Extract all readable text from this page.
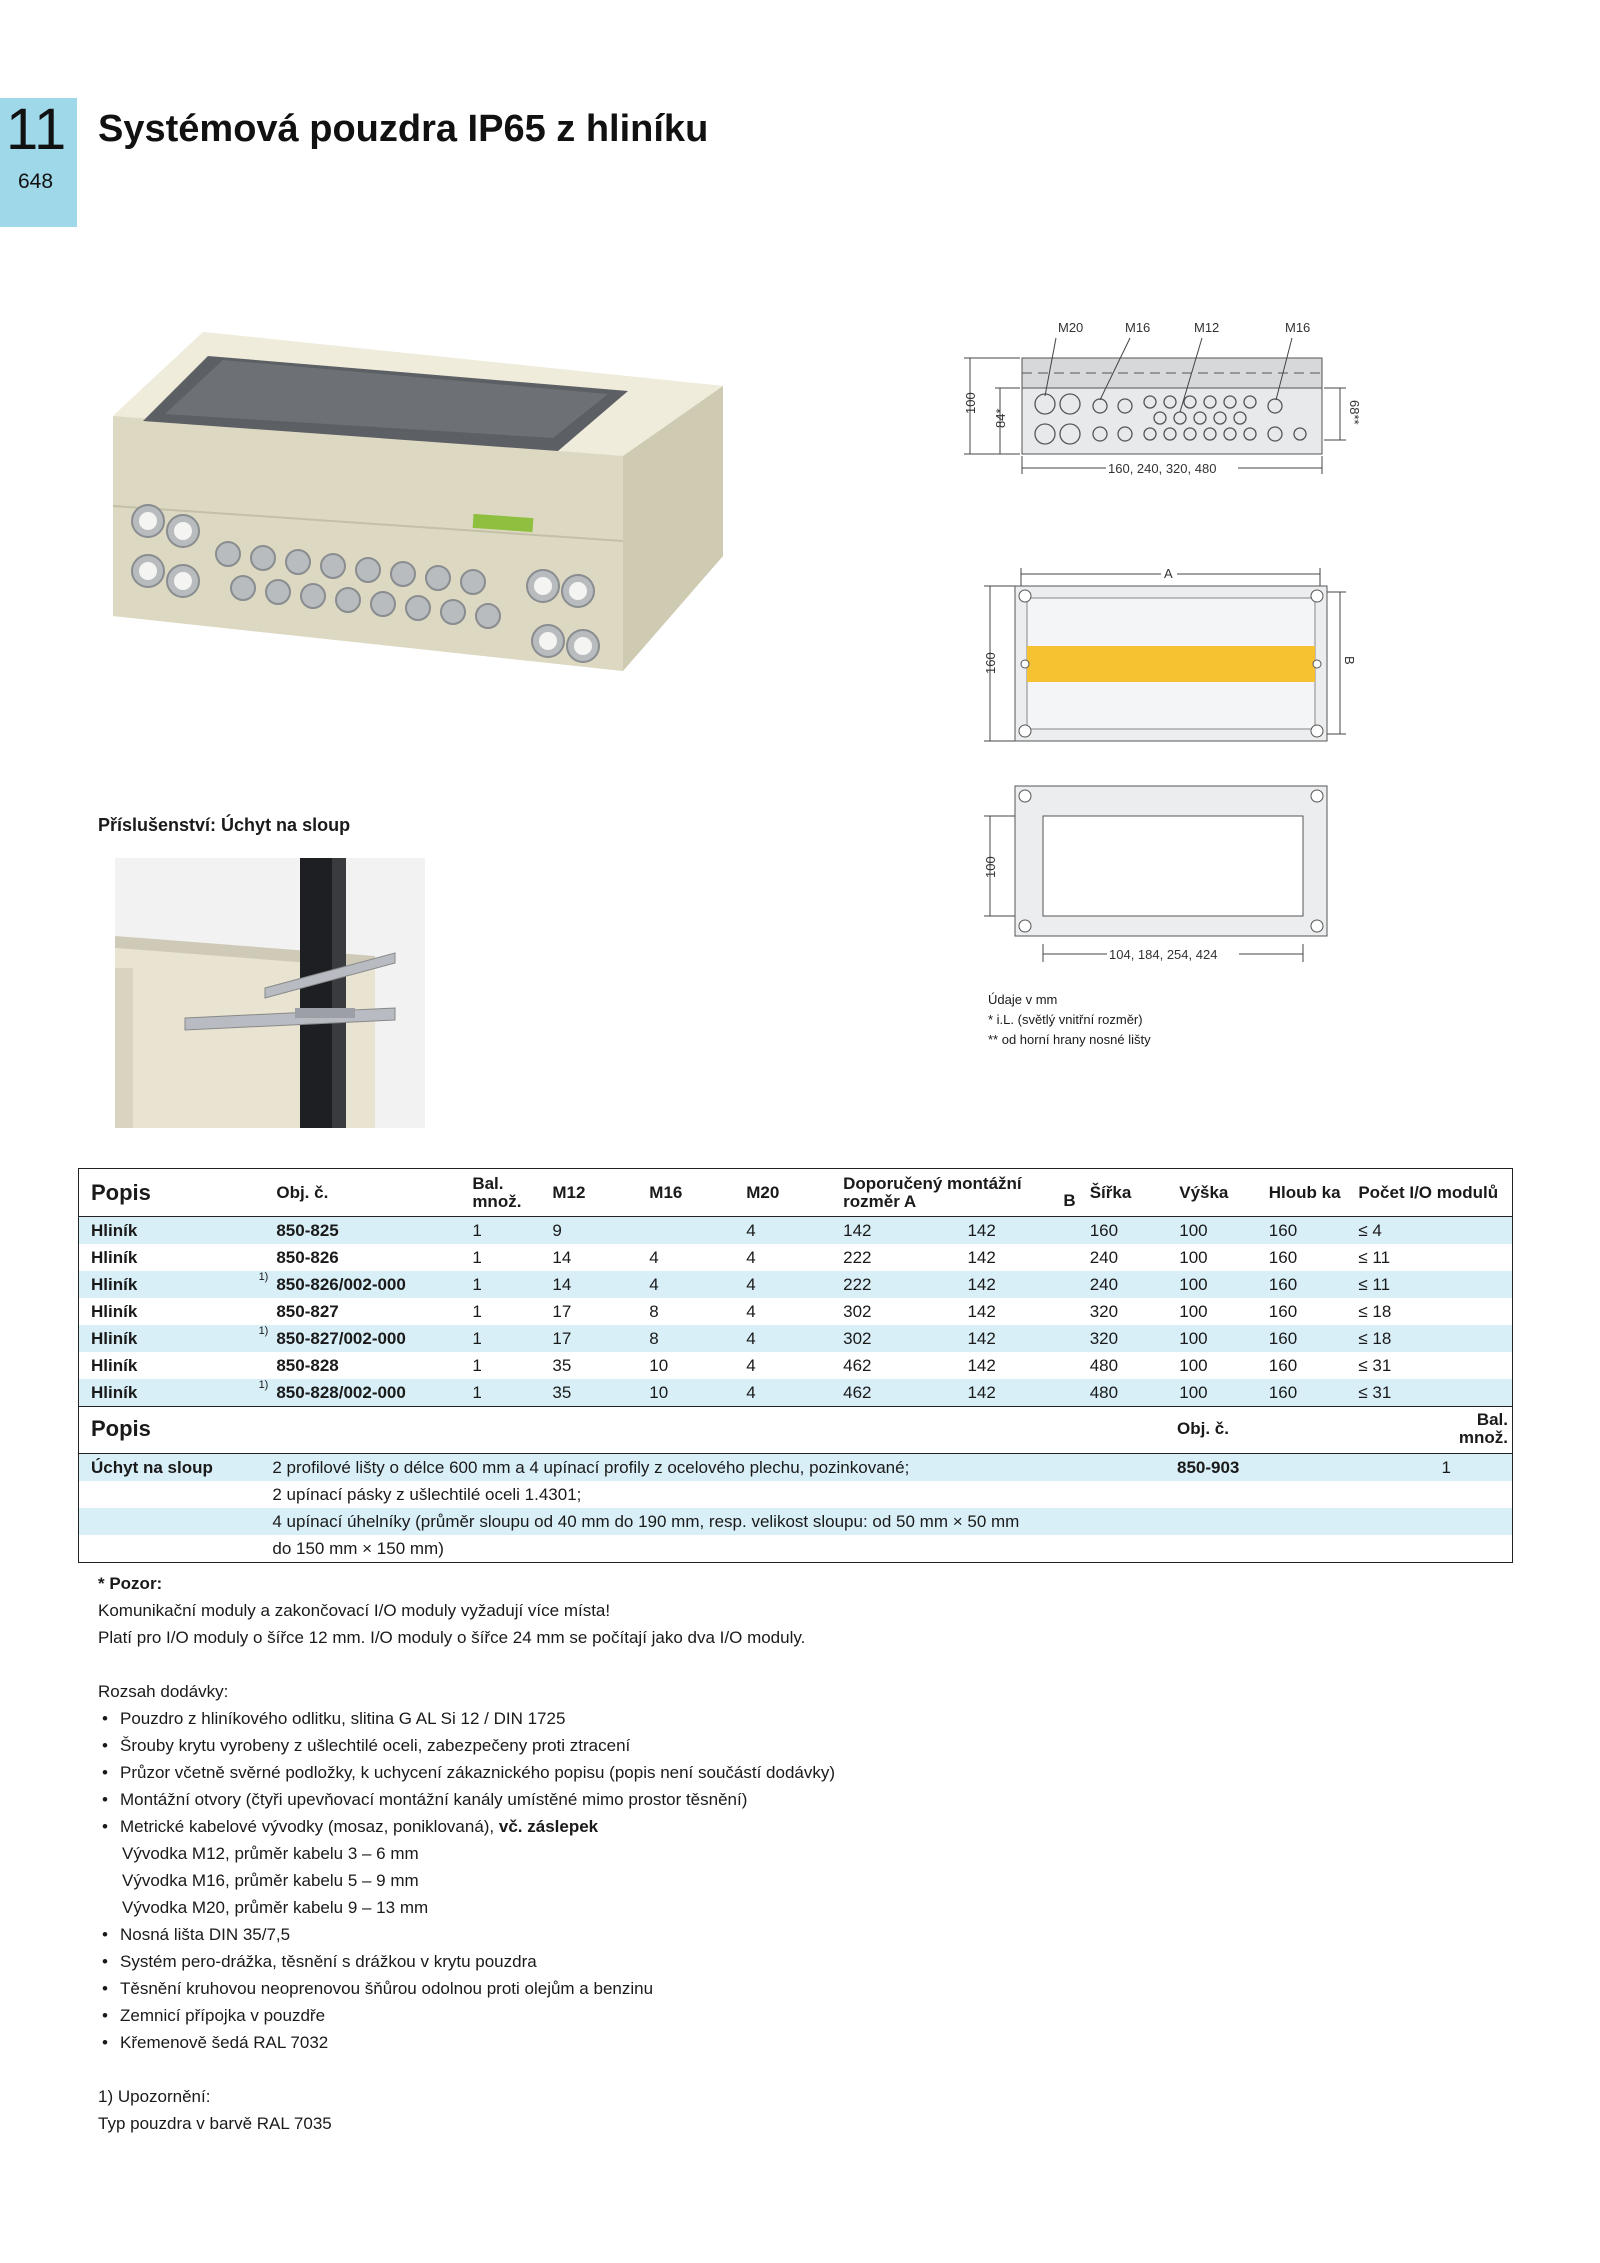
11
648
Systémová pouzdra IP65 z hliníku
Příslušenství: Úchyt na sloup
M20	M16	M12	M16
100
84*	68**
160, 240, 320, 480
A
160	B
100
104, 184, 254, 424
Údaje v mm
* i.L. (světlý vnitřní rozměr)
** od horní hrany nosné lišty
Popis		Obj. č.	Bal. množ.	M12	M16	M20	Doporučený montážní rozměr A B		Šířka	Výška	Hloub ka	Počet I/O modulů
Hliník		850-825	1	9		4	142	142	160	100	160	≤ 4
Hliník		850-826	1	14	4	4	222	142	240	100	160	≤ 11
Hliník	1)	850-826/002-000	1	14	4	4	222	142	240	100	160	≤ 11
Hliník		850-827	1	17	8	4	302	142	320	100	160	≤ 18
Hliník	1)	850-827/002-000	1	17	8	4	302	142	320	100	160	≤ 18
Hliník		850-828	1	35	10	4	462	142	480	100	160	≤ 31
Hliník	1)	850-828/002-000	1	35	10	4	462	142	480	100	160	≤ 31
Popis		Obj. č.	Bal. množ.
Úchyt na sloup	2 profilové lišty o délce 600 mm a 4 upínací profily z ocelového plechu, pozinkované;	850-903	1
	2 upínací pásky z ušlechtilé oceli 1.4301;		
	4 upínací úhelníky (průměr sloupu od 40 mm do 190 mm, resp. velikost sloupu: od 50 mm × 50 mm		
	do 150 mm × 150 mm)		
* Pozor:
Komunikační moduly a zakončovací I/O moduly vyžadují více místa!
Platí pro I/O moduly o šířce 12 mm. I/O moduly o šířce 24 mm se počítají jako dva I/O moduly.
Rozsah dodávky:
• Pouzdro z hliníkového odlitku, slitina G AL Si 12 / DIN 1725
• Šrouby krytu vyrobeny z ušlechtilé oceli, zabezpečeny proti ztracení
• Průzor včetně svěrné podložky, k uchycení zákaznického popisu (popis není součástí dodávky)
• Montážní otvory (čtyři upevňovací montážní kanály umístěné mimo prostor těsnění)
• Metrické kabelové vývodky (mosaz, poniklovaná), vč. záslepek
Vývodka M12, průměr kabelu 3 – 6 mm
Vývodka M16, průměr kabelu 5 – 9 mm
Vývodka M20, průměr kabelu 9 – 13 mm
• Nosná lišta DIN 35/7,5
• Systém pero-drážka, těsnění s drážkou v krytu pouzdra
• Těsnění kruhovou neoprenovou šňůrou odolnou proti olejům a benzinu
• Zemnicí přípojka v pouzdře
• Křemenově šedá RAL 7032
1) Upozornění:
Typ pouzdra v barvě RAL 7035
